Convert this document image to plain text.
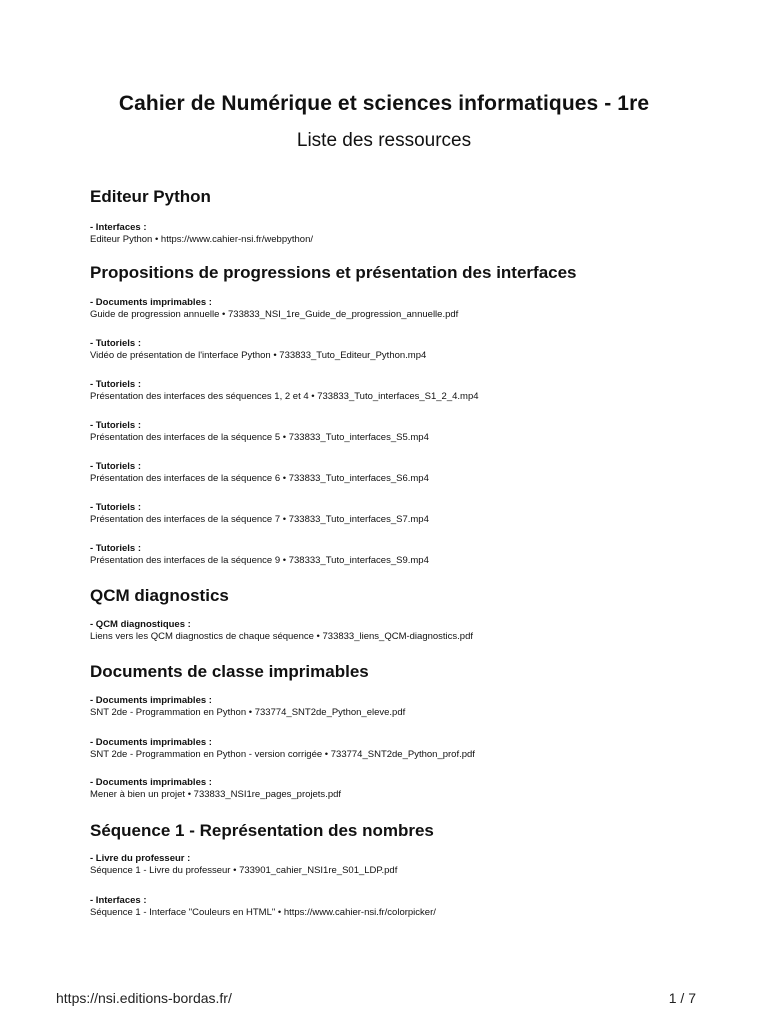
Cahier de Numérique et sciences informatiques - 1re
Liste des ressources
Editeur Python

- Interfaces :

Editeur Python • https://www.cahier-nsi.fr/webpython/

Propositions de progressions et présentation des interfaces

- Documents imprimables :

Guide de progression annuelle • 733833_NSI_1re_Guide_de_progression_annuelle.pdf

- Tutoriels :

Vidéo de présentation de l'interface Python • 733833_Tuto_Editeur_Python.mp4

- Tutoriels :

Présentation des interfaces des séquences 1, 2 et 4 • 733833_Tuto_interfaces_S1_2_4.mp4

- Tutoriels :

Présentation des interfaces de la séquence 5 • 733833_Tuto_interfaces_S5.mp4

- Tutoriels :

Présentation des interfaces de la séquence 6 • 733833_Tuto_interfaces_S6.mp4

- Tutoriels :

Présentation des interfaces de la séquence 7 • 733833_Tuto_interfaces_S7.mp4

- Tutoriels :

Présentation des interfaces de la séquence 9 • 738333_Tuto_interfaces_S9.mp4

QCM diagnostics

- QCM diagnostiques :

Liens vers les QCM diagnostics de chaque séquence • 733833_liens_QCM-diagnostics.pdf

Documents de classe imprimables

- Documents imprimables :

SNT 2de - Programmation en Python • 733774_SNT2de_Python_eleve.pdf

- Documents imprimables :

SNT 2de - Programmation en Python - version corrigée • 733774_SNT2de_Python_prof.pdf

- Documents imprimables :

Mener à bien un projet • 733833_NSI1re_pages_projets.pdf

Séquence 1 - Représentation des nombres

- Livre du professeur :

Séquence 1 - Livre du professeur • 733901_cahier_NSI1re_S01_LDP.pdf

- Interfaces :

Séquence 1 - Interface "Couleurs en HTML" • https://www.cahier-nsi.fr/colorpicker/

https://nsi.editions-bordas.fr/	1 / 7
